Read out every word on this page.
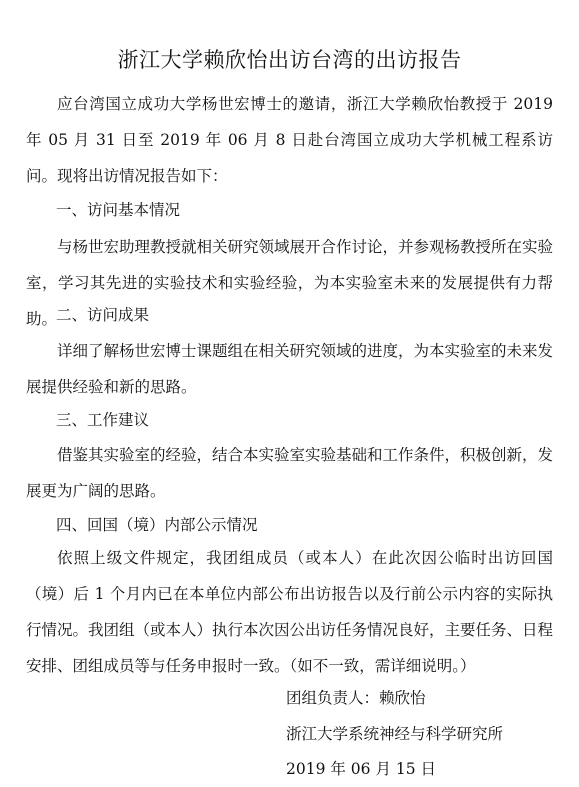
浙江大学赖欣怡出访台湾的出访报告

应台湾国立成功大学杨世宏博士的邀请，浙江大学赖欣怡教授于 2019 年 05 月 31 日至 2019 年 06 月 8 日赴台湾国立成功大学机械工程系访问。现将出访情况报告如下：

一、访问基本情况

与杨世宏助理教授就相关研究领域展开合作讨论，并参观杨教授所在实验室，学习其先进的实验技术和实验经验，为本实验室未来的发展提供有力帮助。

二、访问成果

详细了解杨世宏博士课题组在相关研究领域的进度，为本实验室的未来发展提供经验和新的思路。

三、工作建议

借鉴其实验室的经验，结合本实验室实验基础和工作条件，积极创新，发展更为广阔的思路。

四、回国（境）内部公示情况

依照上级文件规定，我团组成员（或本人）在此次因公临时出访回国（境）后 1 个月内已在本单位内部公布出访报告以及行前公示内容的实际执行情况。我团组（或本人）执行本次因公出访任务情况良好，主要任务、日程安排、团组成员等与任务申报时一致。（如不一致，需详细说明。）

团组负责人：赖欣怡

浙江大学系统神经与科学研究所

2019 年 06 月 15 日
